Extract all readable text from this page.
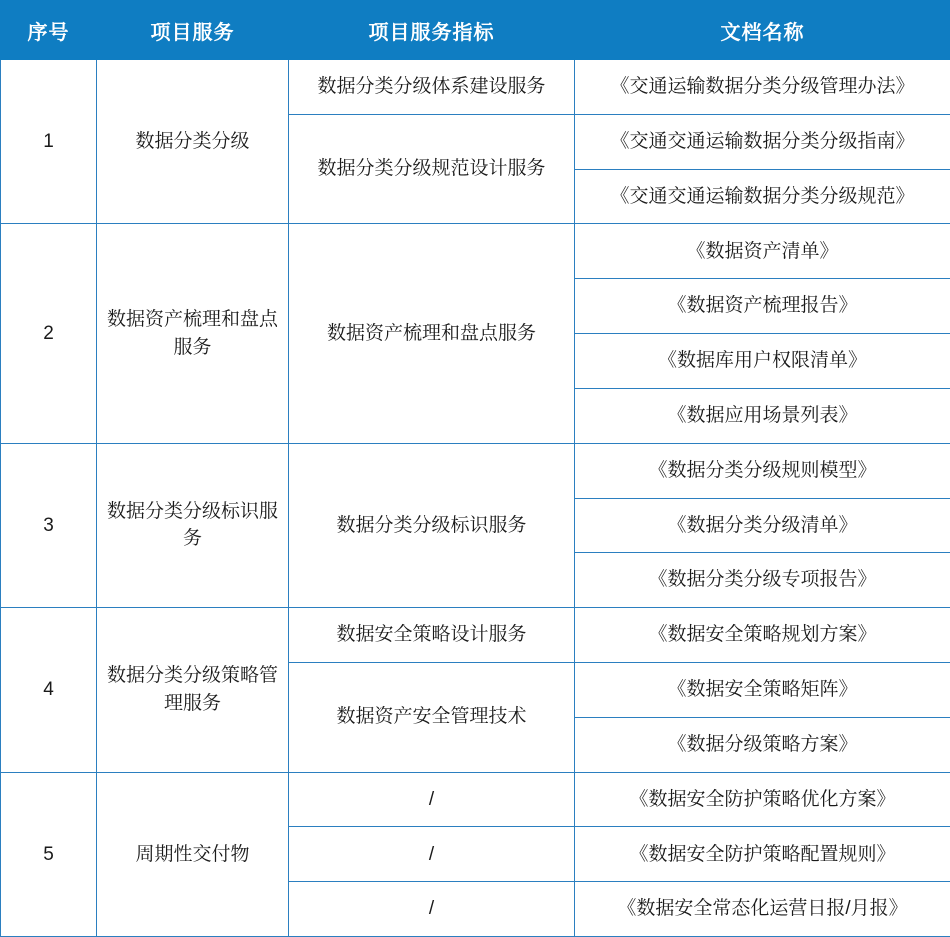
序号	项目服务	项目服务指标	文档名称
1	数据分类分级	数据分类分级体系建设服务	《交通运输数据分类分级管理办法》
		数据分类分级规范设计服务	《交通交通运输数据分类分级指南》
			《交通交通运输数据分类分级规范》
2	数据资产梳理和盘点服务	数据资产梳理和盘点服务	《数据资产清单》
			《数据资产梳理报告》
			《数据库用户权限清单》
			《数据应用场景列表》
3	数据分类分级标识服务	数据分类分级标识服务	《数据分类分级规则模型》
			《数据分类分级清单》
			《数据分类分级专项报告》
4	数据分类分级策略管理服务	数据安全策略设计服务	《数据安全策略规划方案》
		数据资产安全管理技术	《数据安全策略矩阵》
			《数据分级策略方案》
5	周期性交付物	/	《数据安全防护策略优化方案》
		/	《数据安全防护策略配置规则》
		/	《数据安全常态化运营日报/月报》
